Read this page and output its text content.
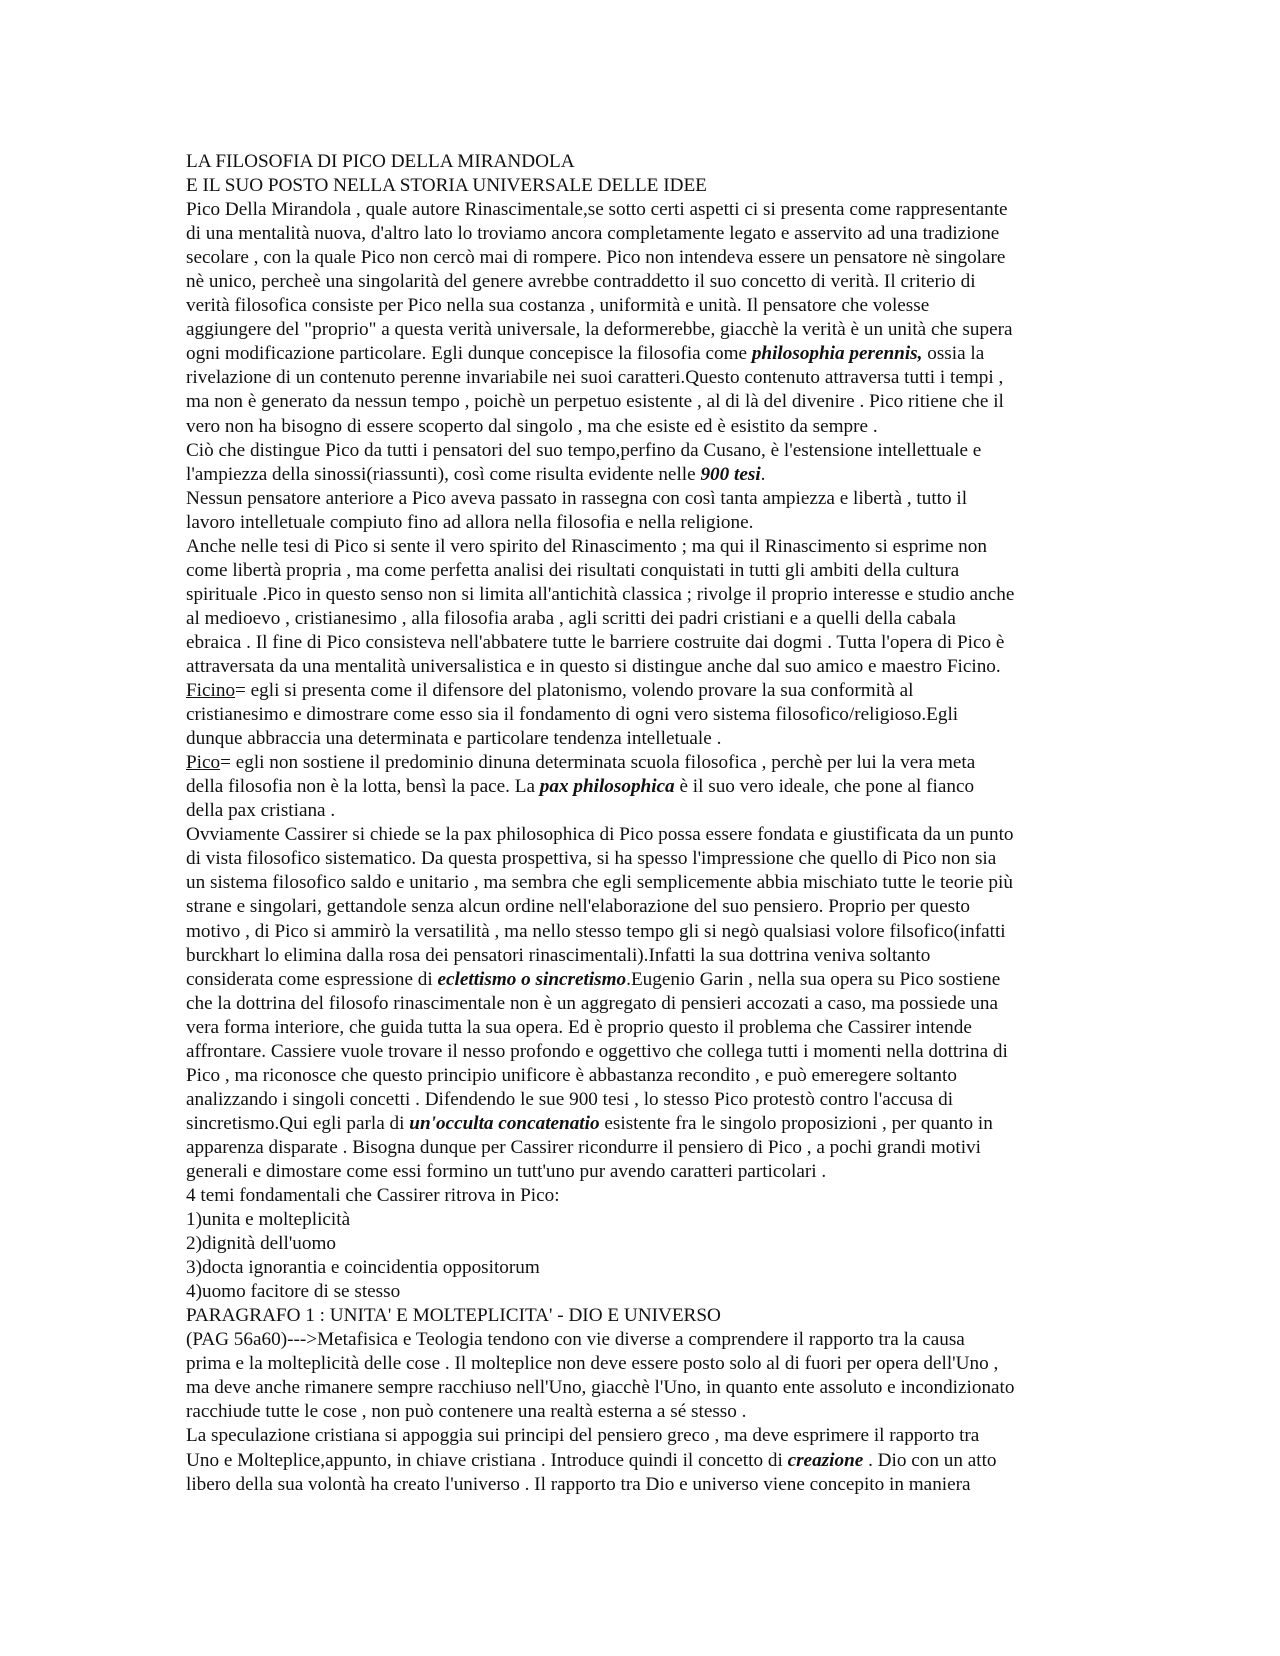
LA FILOSOFIA DI PICO DELLA MIRANDOLA
E IL SUO POSTO NELLA STORIA UNIVERSALE DELLE IDEE
Pico Della Mirandola , quale autore Rinascimentale,se sotto certi aspetti ci si presenta come rappresentante
di una mentalità nuova, d'altro lato lo troviamo ancora completamente legato e asservito ad una tradizione
secolare , con la quale Pico non cercò mai di rompere. Pico non intendeva essere un pensatore nè singolare
nè unico, percheè una singolarità del genere avrebbe contraddetto il suo concetto di verità. Il criterio di
verità filosofica consiste per Pico nella sua costanza , uniformità e unità. Il pensatore che volesse
aggiungere del "proprio" a questa verità universale, la deformerebbe, giacchè la verità è un unità che supera
ogni modificazione particolare. Egli dunque concepisce la filosofia come philosophia perennis, ossia la
rivelazione di un contenuto perenne invariabile nei suoi caratteri.Questo contenuto attraversa tutti i tempi ,
ma non è generato da nessun tempo , poichè un perpetuo esistente , al di là del divenire . Pico ritiene che il
vero non ha bisogno di essere scoperto dal singolo , ma che esiste ed è esistito da sempre .
Ciò che distingue Pico da tutti i pensatori del suo tempo,perfino da Cusano, è l'estensione intellettuale e
l'ampiezza della sinossi(riassunti), così come risulta evidente nelle 900 tesi.
Nessun pensatore anteriore a Pico aveva passato in rassegna con così tanta ampiezza e libertà , tutto il
lavoro intelletuale compiuto fino ad allora nella filosofia e nella religione.
Anche nelle tesi di Pico si sente il vero spirito del Rinascimento ; ma qui il Rinascimento si esprime non
come libertà propria , ma come perfetta analisi dei risultati conquistati in tutti gli ambiti della cultura
spirituale .Pico in questo senso non si limita all'antichità classica ; rivolge il proprio interesse e studio anche
al medioevo , cristianesimo , alla filosofia araba , agli scritti dei padri cristiani e a quelli della cabala
ebraica . Il fine di Pico consisteva nell'abbatere tutte le barriere costruite dai dogmi . Tutta l'opera di Pico è
attraversata da una mentalità universalistica e in questo si distingue anche dal suo amico e maestro Ficino.
Ficino= egli si presenta come il difensore del platonismo, volendo provare la sua conformità al
cristianesimo e dimostrare come esso sia il fondamento di ogni vero sistema filosofico/religioso.Egli
dunque abbraccia una determinata e particolare tendenza intelletuale .
Pico= egli non sostiene il predominio dinuna determinata scuola filosofica , perchè per lui la vera meta
della filosofia non è la lotta, bensì la pace. La pax philosophica è il suo vero ideale, che pone al fianco
della pax cristiana .
Ovviamente Cassirer si chiede se la pax philosophica di Pico possa essere fondata e giustificata da un punto
di vista filosofico sistematico. Da questa prospettiva, si ha spesso l'impressione che quello di Pico non sia
un sistema filosofico saldo e unitario , ma sembra che egli semplicemente abbia mischiato tutte le teorie più
strane e singolari, gettandole senza alcun ordine nell'elaborazione del suo pensiero. Proprio per questo
motivo , di Pico si ammirò la versatilità , ma nello stesso tempo gli si negò qualsiasi volore filsofico(infatti
burckhart lo elimina dalla rosa dei pensatori rinascimentali).Infatti la sua dottrina veniva soltanto
considerata come espressione di eclettismo o sincretismo.Eugenio Garin , nella sua opera su Pico sostiene
che la dottrina del filosofo rinascimentale non è un aggregato di pensieri accozati a caso, ma possiede una
vera forma interiore, che guida tutta la sua opera. Ed è proprio questo il problema che Cassirer intende
affrontare. Cassiere vuole trovare il nesso profondo e oggettivo che collega tutti i momenti nella dottrina di
Pico , ma riconosce che questo principio unificore è abbastanza recondito , e può emeregere soltanto
analizzando i singoli concetti . Difendendo le sue 900 tesi , lo stesso Pico protestò contro l'accusa di
sincretismo.Qui egli parla di un'occulta concatenatio esistente fra le singolo proposizioni , per quanto in
apparenza disparate . Bisogna dunque per Cassirer ricondurre il pensiero di Pico , a pochi grandi motivi
generali e dimostare come essi formino un tutt'uno pur avendo caratteri particolari .
4 temi fondamentali che Cassirer ritrova in Pico:
1)unita e molteplicità
2)dignità dell'uomo
3)docta ignorantia e coincidentia oppositorum
4)uomo facitore di se stesso
PARAGRAFO 1 : UNITA' E MOLTEPLICITA' - DIO E UNIVERSO
(PAG 56a60)--->Metafisica e Teologia tendono con vie diverse a comprendere il rapporto tra la causa
prima e la molteplicità delle cose . Il molteplice non deve essere posto solo al di fuori per opera dell'Uno ,
ma deve anche rimanere sempre racchiuso nell'Uno, giacchè l'Uno, in quanto ente assoluto e incondizionato
racchiude tutte le cose , non può contenere una realtà esterna a sé stesso .
La speculazione cristiana si appoggia sui principi del pensiero greco , ma deve esprimere il rapporto tra
Uno e Molteplice,appunto, in chiave cristiana . Introduce quindi il concetto di creazione . Dio con un atto
libero della sua volontà ha creato l'universo . Il rapporto tra Dio e universo viene concepito in maniera
